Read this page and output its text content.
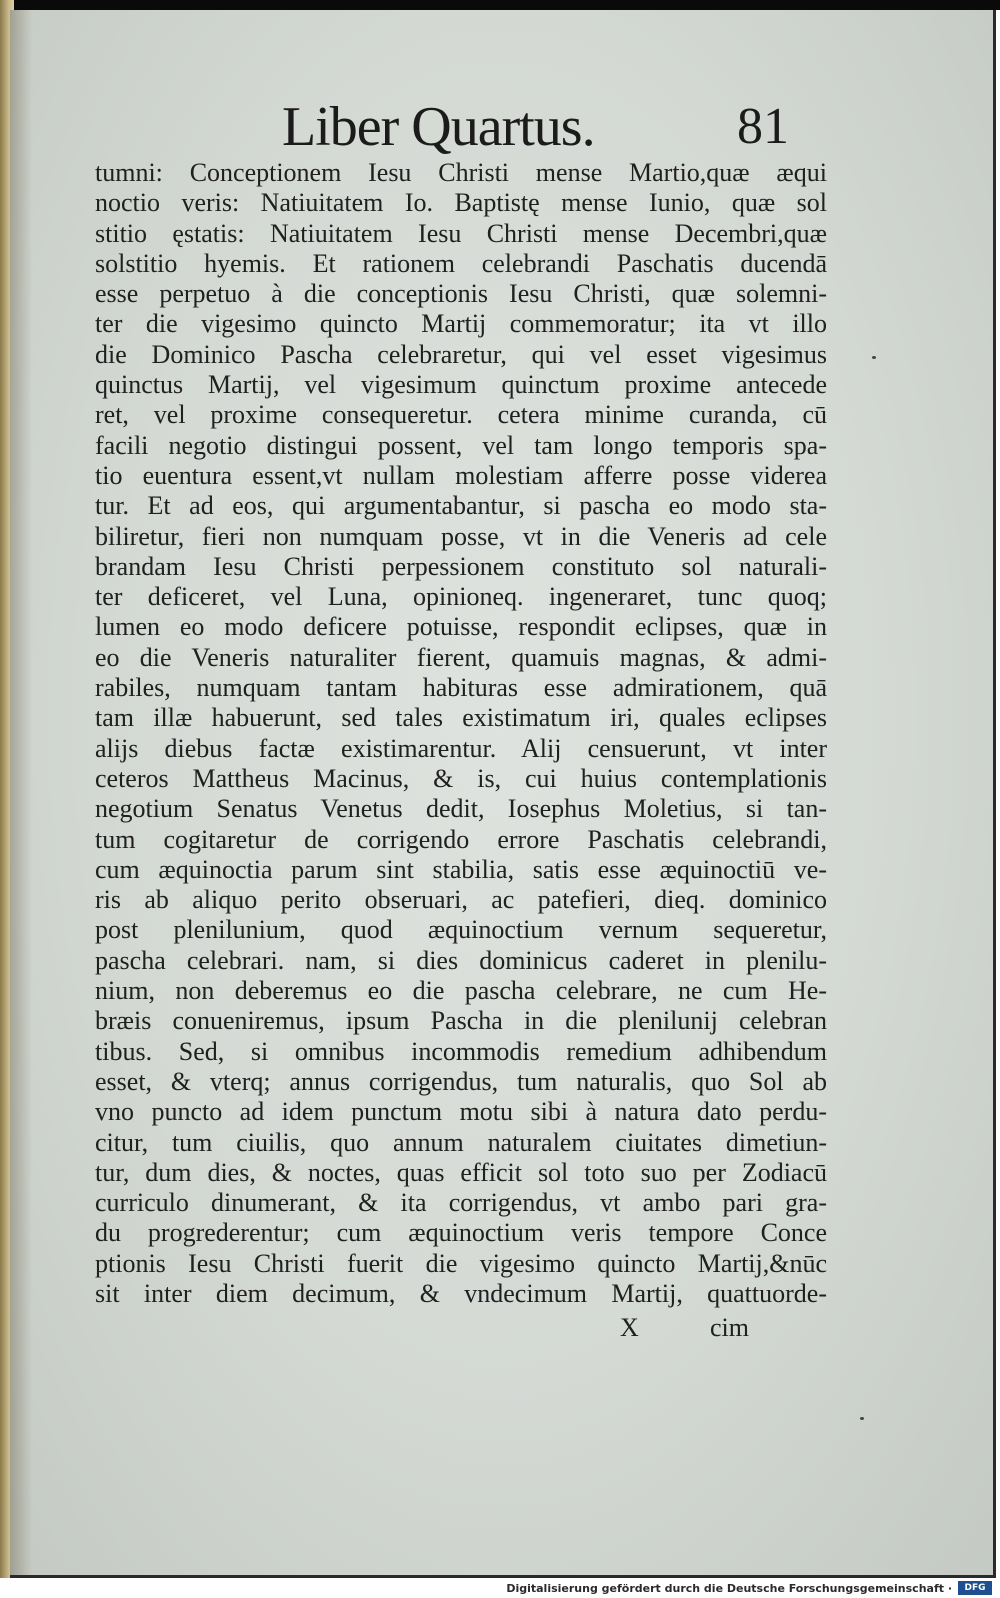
Liber Quartus.	81
tumni: Conceptionem Iesu Christi mense Martio,quæ æqui
noctio veris: Natiuitatem Io. Baptistę mense Iunio, quæ sol
stitio ęstatis: Natiuitatem Iesu Christi mense Decembri,quæ
solstitio hyemis. Et rationem celebrandi Paschatis ducendā
esse perpetuo à die conceptionis Iesu Christi, quæ solemni-
ter die vigesimo quincto Martij commemoratur; ita vt illo
die Dominico Pascha celebraretur, qui vel esset vigesimus
quinctus Martij, vel vigesimum quinctum proxime antecede
ret, vel proxime consequeretur. cetera minime curanda, cū
facili negotio distingui possent, vel tam longo temporis spa-
tio euentura essent,vt nullam molestiam afferre posse viderea
tur. Et ad eos, qui argumentabantur, si pascha eo modo sta-
biliretur, fieri non numquam posse, vt in die Veneris ad cele
brandam Iesu Christi perpessionem constituto sol naturali-
ter deficeret, vel Luna, opinioneq. ingeneraret, tunc quoq;
lumen eo modo deficere potuisse, respondit eclipses, quæ in
eo die Veneris naturaliter fierent, quamuis magnas, & admi-
rabiles, numquam tantam habituras esse admirationem, quā
tam illæ habuerunt, sed tales existimatum iri, quales eclipses
alijs diebus factæ existimarentur. Alij censuerunt, vt inter
ceteros Mattheus Macinus, & is, cui huius contemplationis
negotium Senatus Venetus dedit, Iosephus Moletius, si tan-
tum cogitaretur de corrigendo errore Paschatis celebrandi,
cum æquinoctia parum sint stabilia, satis esse æquinoctiū ve-
ris ab aliquo perito obseruari, ac patefieri, dieq. dominico
post plenilunium, quod æquinoctium vernum sequeretur,
pascha celebrari. nam, si dies dominicus caderet in plenilu-
nium, non deberemus eo die pascha celebrare, ne cum He-
bræis conueniremus, ipsum Pascha in die plenilunij celebran
tibus. Sed, si omnibus incommodis remedium adhibendum
esset, & vterq; annus corrigendus, tum naturalis, quo Sol ab
vno puncto ad idem punctum motu sibi à natura dato perdu-
citur, tum ciuilis, quo annum naturalem ciuitates dimetiun-
tur, dum dies, & noctes, quas efficit sol toto suo per Zodiacū
curriculo dinumerant, & ita corrigendus, vt ambo pari gra-
du progrederentur; cum æquinoctium veris tempore Conce
ptionis Iesu Christi fuerit die vigesimo quincto Martij,&nūc
sit inter diem decimum, & vndecimum Martij, quattuorde-
X	cim
Digitalisierung gefördert durch die Deutsche Forschungsgemeinschaft ·	DFG
